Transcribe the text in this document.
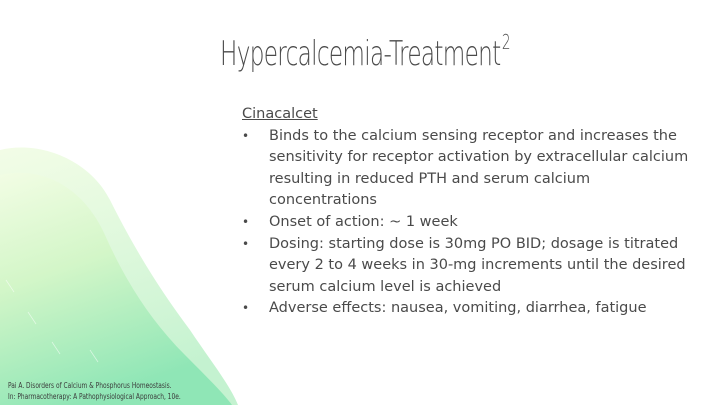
Hypercalcemia-Treatment$^2$
Cinacalcet
•	Binds to the calcium sensing receptor and increases the sensitivity for receptor activation by extracellular calcium resulting in reduced PTH and serum calcium concentrations
•	Onset of action: ~ 1 week
•	Dosing: starting dose is 30mg PO BID; dosage is titrated every 2 to 4 weeks in 30-mg increments until the desired serum calcium level is achieved
•	Adverse effects: nausea, vomiting, diarrhea, fatigue
Pai A. Disorders of Calcium & Phosphorus Homeostasis.
In: Pharmacotherapy: A Pathophysiological Approach, 10e.
